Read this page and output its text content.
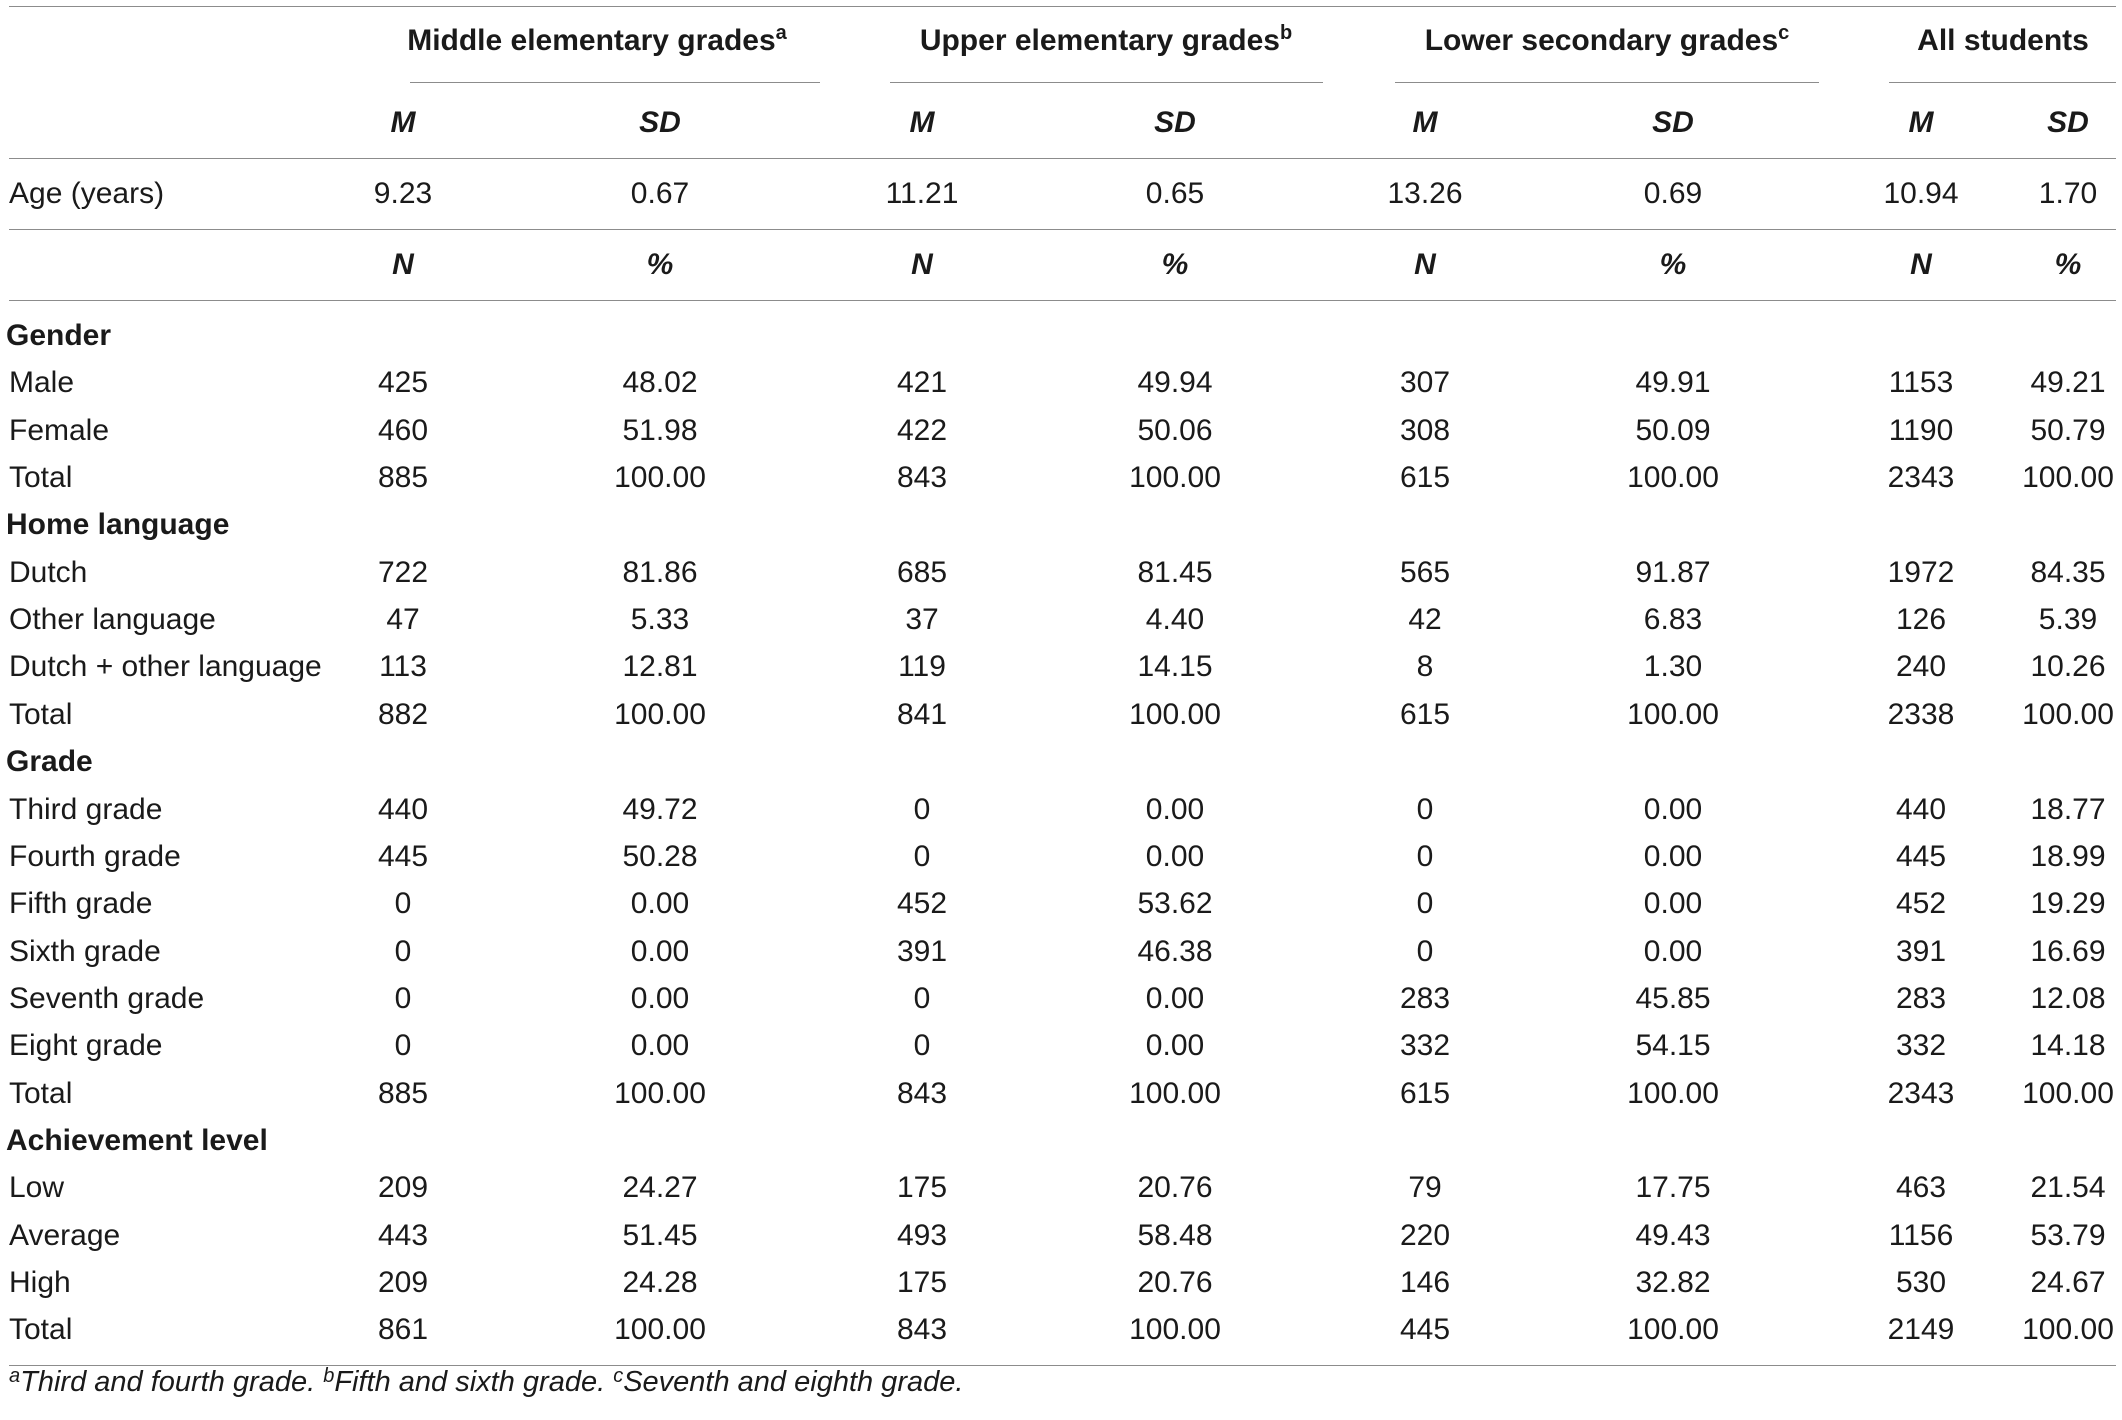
Middle elementary grades$^a$	Upper elementary grades$^b$	Lower secondary grades$^c$	All students
M	SD	M	SD	M	SD	M	SD
Age (years)	9.23	0.67	11.21	0.65	13.26	0.69	10.94	1.70
N	%	N	%	N	%	N	%
Gender
Male	425	48.02	421	49.94	307	49.91	1153	49.21
Female	460	51.98	422	50.06	308	50.09	1190	50.79
Total	885	100.00	843	100.00	615	100.00	2343 100.00
Home language
Dutch	722	81.86	685	81.45	565	91.87	1972	84.35
Other language	47	5.33	37	4.40	42	6.83	126	5.39
Dutch + other language 113	12.81	119	14.15	8	1.30	240	10.26
Total	882	100.00	841	100.00	615	100.00	2338 100.00
Grade
Third grade	440	49.72	0	0.00	0	0.00	440	18.77
Fourth grade	445	50.28	0	0.00	0	0.00	445	18.99
Fifth grade	0	0.00	452	53.62	0	0.00	452	19.29
Sixth grade	0	0.00	391	46.38	0	0.00	391	16.69
Seventh grade	0	0.00	0	0.00	283	45.85	283	12.08
Eight grade	0	0.00	0	0.00	332	54.15	332	14.18
Total	885	100.00	843	100.00	615	100.00	2343 100.00
Achievement level
Low	209	24.27	175	20.76	79	17.75	463	21.54
Average	443	51.45	493	58.48	220	49.43	1156	53.79
High	209	24.28	175	20.76	146	32.82	530	24.67
Total	861	100.00	843	100.00	445	100.00	2149 100.00
$^a$Third and fourth grade. $^b$Fifth and sixth grade. $^c$Seventh and eighth grade.
